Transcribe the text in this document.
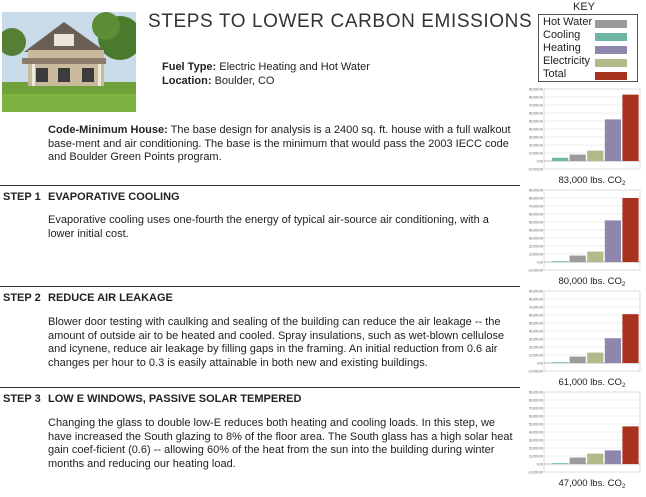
STEPS TO LOWER CARBON EMISSIONS
Fuel Type: Electric Heating and Hot Water
Location: Boulder, CO
KEY
Hot Water
Cooling
Heating
Electricity
Total
Code-Minimum House: The base design for analysis is a 2400 sq. ft. house with a full walkout base-ment and air conditioning. The base is the minimum that would pass the 2003 IECC code and Boulder Green Points program.
STEP 1 EVAPORATIVE COOLING
Evaporative cooling uses one-fourth the energy of typical air-source air conditioning, with a lower initial cost.
STEP 2 REDUCE AIR LEAKAGE
Blower door testing with caulking and sealing of the building can reduce the air leakage -- the amount of outside air to be heated and cooled. Spray insulations, such as wet-blown cellulose and icynene, reduce air leakage by filling gaps in the framing. An initial reduction from 0.6 air changes per hour to 0.3 is easily attainable in both new and existing buildings.
STEP 3 LOW E WINDOWS, PASSIVE SOLAR TEMPERED
Changing the glass to double low-E reduces both heating and cooling loads. In this step, we have increased the South glazing to 8% of the floor area. The South glass has a high solar heat gain coef-ficient (0.6) -- allowing 60% of the heat from the sun into the building during winter months and reducing our heating load.
-10,000.00
0.00
10,000.00
20,000.00
30,000.00
40,000.00
50,000.00
60,000.00
70,000.00
80,000.00
90,000.00
83,000 lbs. $CO_2$
-10,000.00
0.00
10,000.00
20,000.00
30,000.00
40,000.00
50,000.00
60,000.00
70,000.00
80,000.00
90,000.00
80,000 lbs. $CO_2$
-10,000.00
0.00
10,000.00
20,000.00
30,000.00
40,000.00
50,000.00
60,000.00
70,000.00
80,000.00
90,000.00
61,000 lbs. $CO_2$
-10,000.00
0.00
10,000.00
20,000.00
30,000.00
40,000.00
50,000.00
60,000.00
70,000.00
80,000.00
90,000.00
47,000 lbs. $CO_2$
